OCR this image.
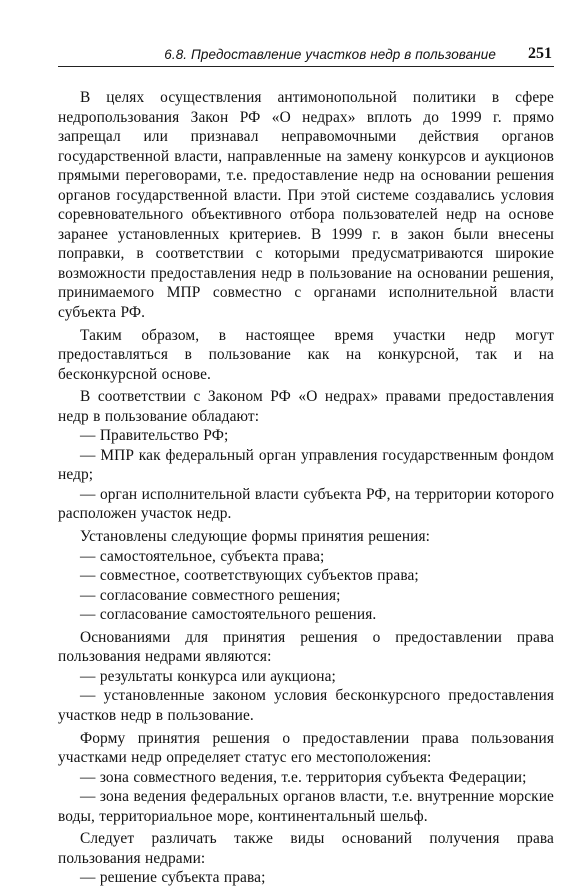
6.8. Предоставление участков недр в пользование 251

В целях осуществления антимонопольной политики в сфере недропользования Закон РФ «О недрах» вплоть до 1999 г. прямо запрещал или признавал неправомочными действия органов государственной власти, направленные на замену конкурсов и аукционов прямыми переговорами, т.е. предоставление недр на основании решения органов государственной власти. При этой системе создавались условия соревновательного объективного отбора пользователей недр на основе заранее установленных критериев. В 1999 г. в закон были внесены поправки, в соответствии с которыми предусматриваются широкие возможности предоставления недр в пользование на основании решения, принимаемого МПР совместно с органами исполнительной власти субъекта РФ.

Таким образом, в настоящее время участки недр могут предоставляться в пользование как на конкурсной, так и на бесконкурсной основе.

В соответствии с Законом РФ «О недрах» правами предоставления недр в пользование обладают:

— Правительство РФ;

— МПР как федеральный орган управления государственным фондом недр;

— орган исполнительной власти субъекта РФ, на территории которого расположен участок недр.

Установлены следующие формы принятия решения:

— самостоятельное, субъекта права;

— совместное, соответствующих субъектов права;

— согласование совместного решения;

— согласование самостоятельного решения.

Основаниями для принятия решения о предоставлении права пользования недрами являются:

— результаты конкурса или аукциона;

— установленные законом условия бесконкурсного предоставления участков недр в пользование.

Форму принятия решения о предоставлении права пользования участками недр определяет статус его местоположения:

— зона совместного ведения, т.е. территория субъекта Федерации;

— зона ведения федеральных органов власти, т.е. внутренние морские воды, территориальное море, континентальный шельф.

Следует различать также виды оснований получения права пользования недрами:

— решение субъекта права;
